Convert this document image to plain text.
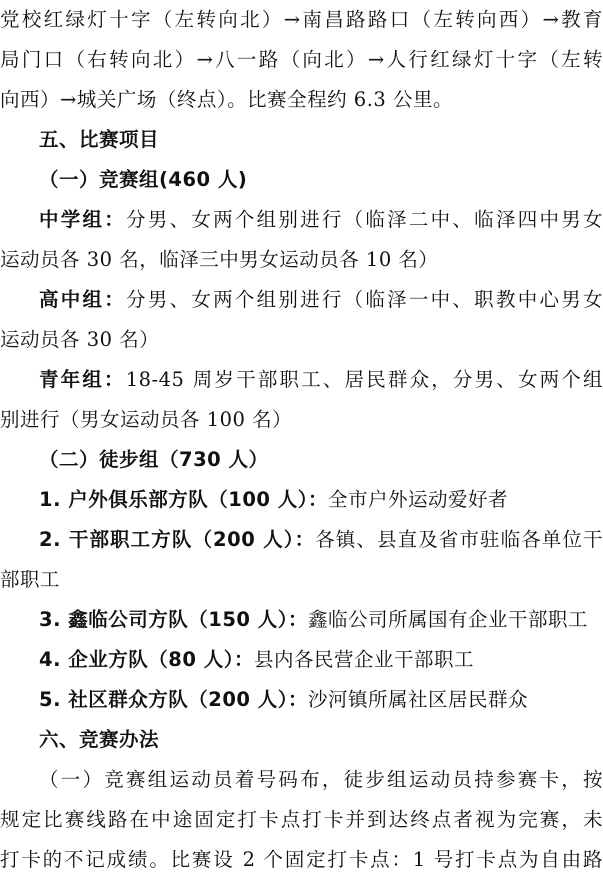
党校红绿灯十字（左转向北）→南昌路路口（左转向西）→教育
局门口（右转向北）→八一路（向北）→人行红绿灯十字（左转
向西）→城关广场（终点）。比赛全程约 6.3 公里。
五、比赛项目
（一）竞赛组(460 人)
中学组：分男、女两个组别进行（临泽二中、临泽四中男女
运动员各 30 名，临泽三中男女运动员各 10 名）
高中组：分男、女两个组别进行（临泽一中、职教中心男女
运动员各 30 名）
青年组：18-45 周岁干部职工、居民群众，分男、女两个组
别进行（男女运动员各 100 名）
（二）徒步组（730 人）
1. 户外俱乐部方队（100 人）：全市户外运动爱好者
2. 干部职工方队（200 人）：各镇、县直及省市驻临各单位干
部职工
3. 鑫临公司方队（150 人）：鑫临公司所属国有企业干部职工
4. 企业方队（80 人）：县内各民营企业干部职工
5. 社区群众方队（200 人）：沙河镇所属社区居民群众
六、竞赛办法
（一）竞赛组运动员着号码布，徒步组运动员持参赛卡，按
规定比赛线路在中途固定打卡点打卡并到达终点者视为完赛，未
打卡的不记成绩。比赛设 2 个固定打卡点：1 号打卡点为自由路
